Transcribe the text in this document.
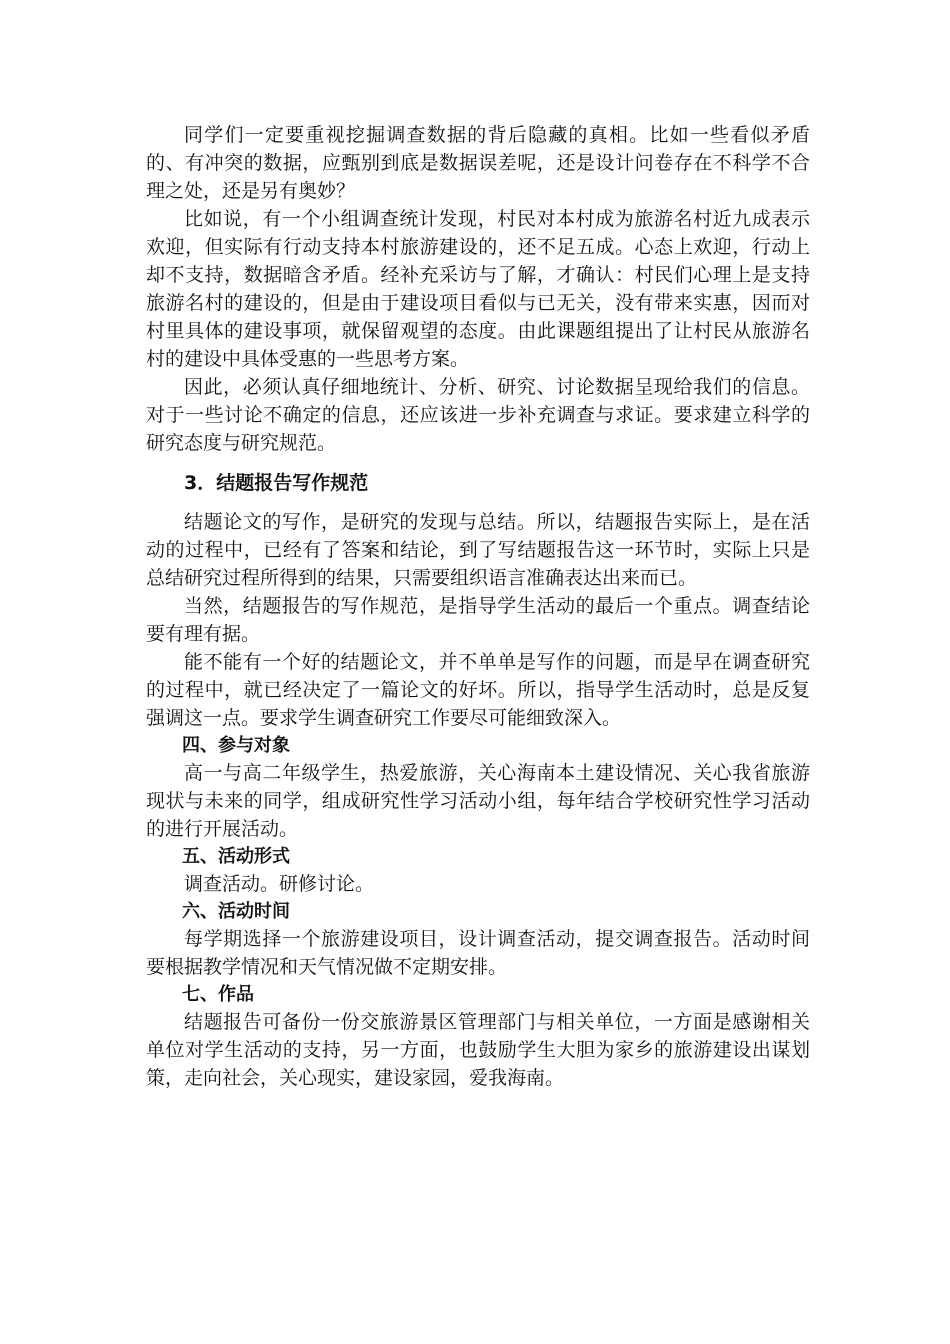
同学们一定要重视挖掘调查数据的背后隐藏的真相。比如一些看似矛盾的、有冲突的数据，应甄别到底是数据误差呢，还是设计问卷存在不科学不合理之处，还是另有奥妙？

比如说，有一个小组调查统计发现，村民对本村成为旅游名村近九成表示欢迎，但实际有行动支持本村旅游建设的，还不足五成。心态上欢迎，行动上却不支持，数据暗含矛盾。经补充采访与了解，才确认：村民们心理上是支持旅游名村的建设的，但是由于建设项目看似与已无关，没有带来实惠，因而对村里具体的建设事项，就保留观望的态度。由此课题组提出了让村民从旅游名村的建设中具体受惠的一些思考方案。

因此，必须认真仔细地统计、分析、研究、讨论数据呈现给我们的信息。对于一些讨论不确定的信息，还应该进一步补充调查与求证。要求建立科学的研究态度与研究规范。

3．结题报告写作规范

结题论文的写作，是研究的发现与总结。所以，结题报告实际上，是在活动的过程中，已经有了答案和结论，到了写结题报告这一环节时，实际上只是总结研究过程所得到的结果，只需要组织语言准确表达出来而已。

当然，结题报告的写作规范，是指导学生活动的最后一个重点。调查结论要有理有据。

能不能有一个好的结题论文，并不单单是写作的问题，而是早在调查研究的过程中，就已经决定了一篇论文的好坏。所以，指导学生活动时，总是反复强调这一点。要求学生调查研究工作要尽可能细致深入。

四、参与对象

高一与高二年级学生，热爱旅游，关心海南本土建设情况、关心我省旅游现状与未来的同学，组成研究性学习活动小组，每年结合学校研究性学习活动的进行开展活动。

五、活动形式

调查活动。研修讨论。

六、活动时间

每学期选择一个旅游建设项目，设计调查活动，提交调查报告。活动时间要根据教学情况和天气情况做不定期安排。

七、作品

结题报告可备份一份交旅游景区管理部门与相关单位，一方面是感谢相关单位对学生活动的支持，另一方面，也鼓励学生大胆为家乡的旅游建设出谋划策，走向社会，关心现实，建设家园，爱我海南。
